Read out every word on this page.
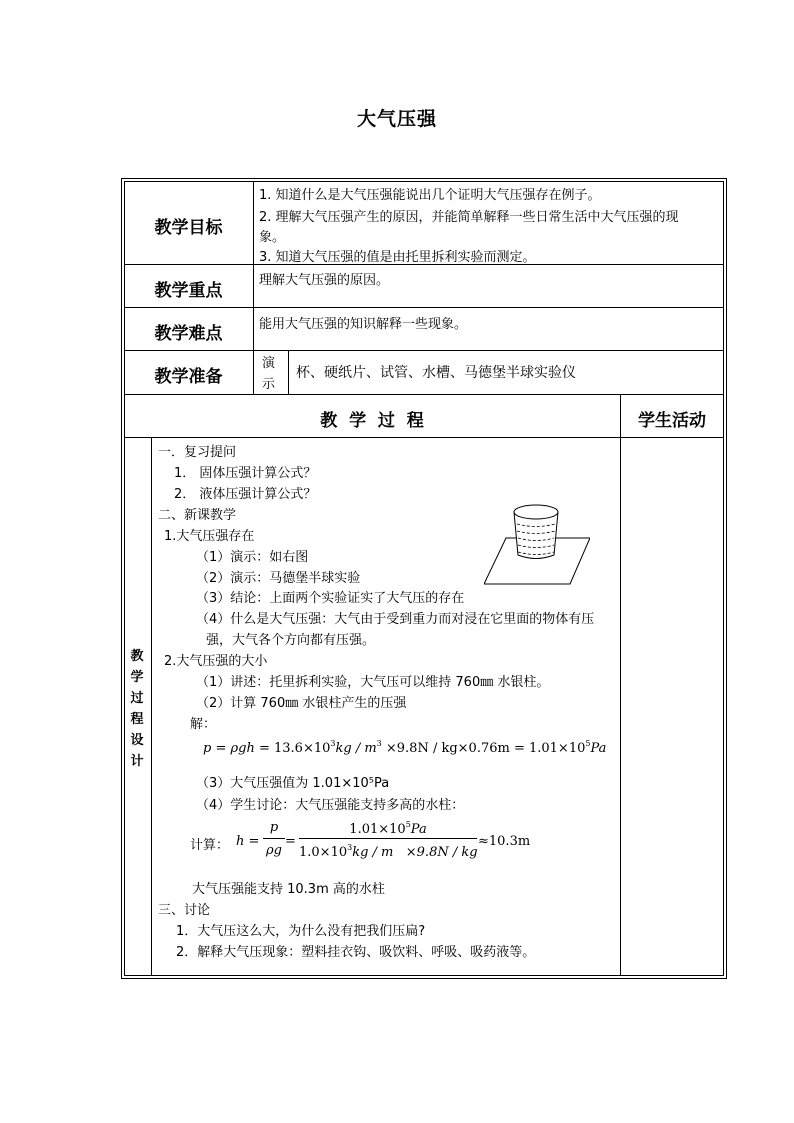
大气压强
教学目标
教学重点
教学难点
教学准备
1. 知道什么是大气压强能说出几个证明大气压强存在例子。
2. 理解大气压强产生的原因，并能简单解释一些日常生活中大气压强的现
象。
3. 知道大气压强的值是由托里拆利实验而测定。
理解大气压强的原因。
能用大气压强的知识解释一些现象。
演
示
杯、硬纸片、试管、水槽、马德堡半球实验仪
教  学  过  程	学生活动
教
学
过
程
设
计
一．复习提问
1． 固体压强计算公式？
2． 液体压强计算公式？
二、新课教学
1.大气压强存在
（1）演示：如右图
（2）演示：马德堡半球实验
（3）结论：上面两个实验证实了大气压的存在
（4）什么是大气压强：大气由于受到重力而对浸在它里面的物体有压
强，大气各个方向都有压强。
2.大气压强的大小
（1）讲述：托里拆利实验，大气压可以维持 760㎜ 水银柱。
（2）计算 760㎜ 水银柱产生的压强
解：
$p = \rho gh = 13.6\times 10^3kg / m^3 \times 9.8N / kg\times 0.76m = 1.01\times 10^5Pa$
（3）大气压强值为 1.01×10⁵Pa
（4）学生讨论：大气压强能支持多高的水柱：
计算： h =
p
ρg
=
$1.01\times 10^5Pa$
$1.0\times 10^3kg / m \times 9.8N$ / kg
≈10.3m
大气压强能支持 10.3m 高的水柱
三、讨论
1．大气压这么大，为什么没有把我们压扁?
2．解释大气压现象：塑料挂衣钩、吸饮料、呼吸、吸药液等。
